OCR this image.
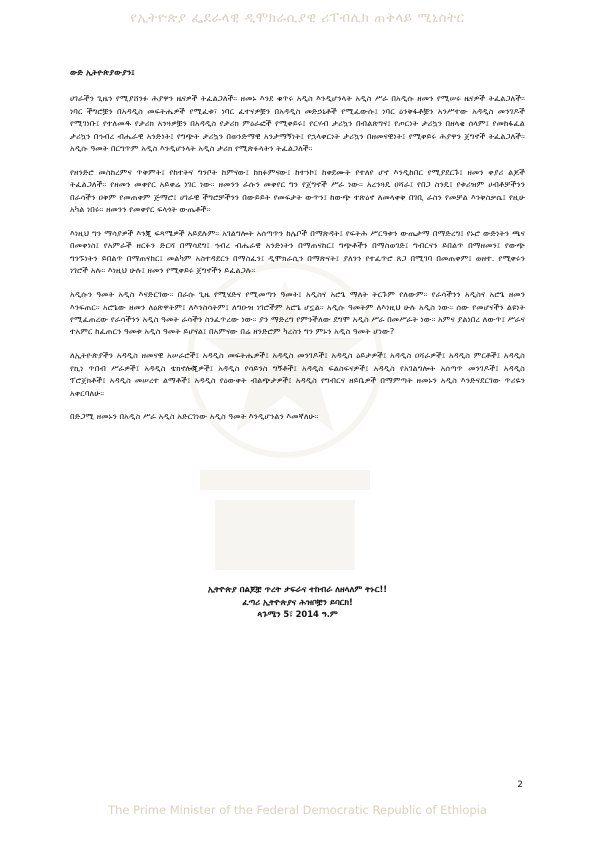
የኢትዮጵያ ፌደራላዊ ዲሞክራሲያዊ ሪፐብሊክ ጠቅላይ ሚኒስትር

ውድ ኢትዮጵያውያን፤

ሀገራችን ጊዜን የሚያሸንፉ ሕያዋን ዜናዎች ትፈልጋለች። ዘመኑ እንደ ቁጥሩ አዲስ እንዲሆንላት አዲስ ሥራ በአዲሱ ዘመን የሚሠሩ ዜናዎች ትፈልጋለች፡፡ ነባር ችግሮቿን በአዳዲስ መፍትሔዎች የሚፈቱ፣ ነባር ፈተናዎቿን በአዳዲስ መድኃኒቶች የሚፈውሱ፤ ነባር ዕንቅፋቶቿን አንሥተው አዳዲስ መንገዶች የሚገነቡ፤ የተለመዱ የታሪክ አንጓዎቿን በአዳዲስ የታሪክ ምዕራፎች የሚቀይሩ፤ የርሃብ ታሪኳን በብልጽግና፤ የጦርነት ታሪኳን በዘላቂ ሰላም፤ የመከፋፈል ታሪኳን በኅብረ ብሔራዊ አንድነት፤ የግጭት ታሪኳን በወንድማዊ አንታማኝነት፤ የኋላቀርነት ታሪኳን በዘመናዊነት፤ የሚቀይሩ ሕያዋን ጀግኖች ትፈልጋለች። አዲሱ ዓመት በርግጥም አዲስ እንዲሆንላት አዲስ ታሪክ የሚጽፉላትን ትፈልጋለች።

የዘንድሮ መስከረምና ጥቅምት፤ የከተትና ግንቦት ከምናው፤ ከክፉምናው፤ ከተንኮ፤ ከቀደሙት የተለየ ሆኖ እንዲከበር የሚያደርጉ፤ ዘመን ቀያሪ ልጆች ትፈልጋለች። የዘመን መቀየር አይቀሬ ነገር ነው። ዘመንን ራሱን መቀየር ግን የጀግኖች ሥራ ነው። አረንጓዴ ዐሻራ፤ የበጋ ስንዴ፤ የቱሪዝም ሀብቶቻችንን በራሳችን ዐቅም የመጠቀም ጅማሮ፤ ሀገራዊ ችግሮቻችንን በውይይት የመፍታት ውጥን፤ ከውጭ ተጽዕኖ ለመላቀቅ በገቢ ራስን የመቻል እንቅስቃሴ፤ የዚሁ አካል ነበሩ። ዘመንን የመቀየር ፍላጎት ውጤቶች።

እነዚህ ግን ማሳያዎች እንጂ ፍጻሜዎች አይደሉም። አገልግሎት አሰጣጥን ከሌቦች በማጽዳት፤ የፍትሕ ሥርዓቱን ውጤታማ በማድረግ፤ የኑሮ ውድነትን ጫና በመቀነስ፤ የአምራች ዘርፉን ድርሻ በማሳደግ፤ ኅብረ ብሔራዊ አንድነትን በማጠናከር፤ ግጭቶችን በማስወገድ፤ ግብርናን ይበልጥ በማዘመን፤ የውጭ ግንኙነትን ይበልጥ በማጠናከር፤ መልካም አስተዳደርን በማስፈን፤ ዲሞክራሲን በማጽናት፤ ያለንን የተፈጥሮ ጸጋ በሚገባ በመጠቀም፤ ወዘተ. የሚቀሩን ነገሮች አሉ። እነዚህ ሁሉ፤ ዘመን የሚቀይሩ ጀግኖችን ይፈልጋሉ።

አዲሱን ዓመት አዲስ እናድርገው። በራሱ ጊዜ የሚሄድና የሚመጣን ዓመት፤ አዲስና አሮጌ ማለት ትርጉም የለውም። የራሳችንን አዲስና አሮጌ ዘመን እንፍጠር። አሮጌው ዘመን ለዕጽዋትም፤ ለእንስሳትም፤ ለግዑዝ ነገሮችም አሮጌ ሆኗል። አዲሱ ዓመትም ለእነዚህ ሁሉ አዲስ ነው። ሰው የመሆናችን ልዩነት የሚፈጠረው የራሳችንን አዲስ ዓመት ራሳችን ስንፈጥረው ነው። ያን ማድረግ የምንችለው ደግሞ አዲስ ሥራ በመሥራት ነው። አምና ያልነበረ ለውጥ፤ ሥራና ተአምር ከፈጠርን ዓመቱ አዲስ ዓመት ይሆናል፤ በአምናው በሬ ዘንድሮም ካረስን ግን ምኑን አዲስ ዓመት ሆነው?

ለኢትዮጵያችን አዳዲስ ዘመናዊ አሠራሮች፤ አዳዲስ መፍትሔዎች፤ አዳዲስ መንገዶች፤ አዳዲስ ዕይታዎች፤ አዳዲስ ዐሻራዎች፤ አዳዲስ ምርቶች፤ አዳዲስ የኪነ ጥበብ ሥራዎች፤ አዳዲስ ቴክኖሎጂዎች፤ አዳዲስ የሳይንስ ግኝቶች፤ አዳዲስ ፍልስፍናዎች፤ አዳዲስ የአገልግሎት አሰጣጥ መንገዶች፤ አዳዲስ ፕሮጀክቶች፤ አዳዲስ መሠረተ ልማቶች፤ አዳዲስ የዕውቀት ብልጭታዎች፤ አዳዲስ የግብርና ዘይቤዎች በማምጣት ዘመኑን አዲስ እንድናደርገው ጥሪዬን አቀርባለሁ።

በድጋሚ ዘመኑን በአዲስ ሥራ አዲስ አድርገነው አዲስ ዓመት እንዲሆንልን እመኛለሁ።

ኢትዮጵያ በልጆቿ ጥረት ታፍራና ተከብራ ለዘላለም ትኑር!!
ፈጣሪ ኢትዮጵያና ሕዝቦቿን ይባርክ!
ጳጉሜን 5፣ 2014 ዓ.ም
2
The Prime Minister of the Federal Democratic Republic of Ethiopia
